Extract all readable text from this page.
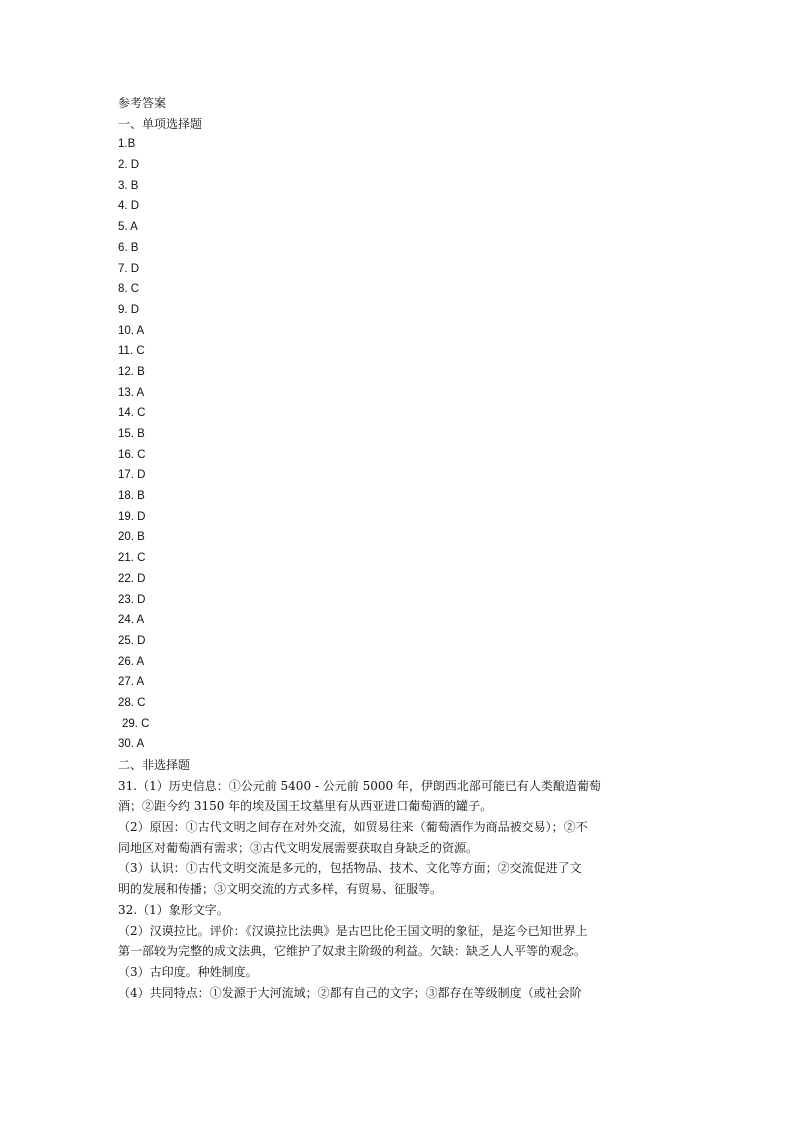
参考答案
一、单项选择题
1.B
2. D
3. B
4. D
5. A
6. B
7. D
8. C
9. D
10. A
11. C
12. B
13. A
14. C
15. B
16. C
17. D
18. B
19. D
20. B
21. C
22. D
23. D
24. A
25. D
26. A
27. A
28. C
29. C
30. A
二、非选择题
31.（1）历史信息：①公元前 5400 - 公元前 5000 年，伊朗西北部可能已有人类酿造葡萄
酒；②距今约 3150 年的埃及国王坟墓里有从西亚进口葡萄酒的罐子。
（2）原因：①古代文明之间存在对外交流，如贸易往来（葡萄酒作为商品被交易）；②不
同地区对葡萄酒有需求；③古代文明发展需要获取自身缺乏的资源。
（3）认识：①古代文明交流是多元的，包括物品、技术、文化等方面；②交流促进了文
明的发展和传播；③文明交流的方式多样，有贸易、征服等。
32.（1）象形文字。
（2）汉谟拉比。评价：《汉谟拉比法典》是古巴比伦王国文明的象征，是迄今已知世界上
第一部较为完整的成文法典，它维护了奴隶主阶级的利益。欠缺：缺乏人人平等的观念。
（3）古印度。种姓制度。
（4）共同特点：①发源于大河流域；②都有自己的文字；③都存在等级制度（或社会阶
